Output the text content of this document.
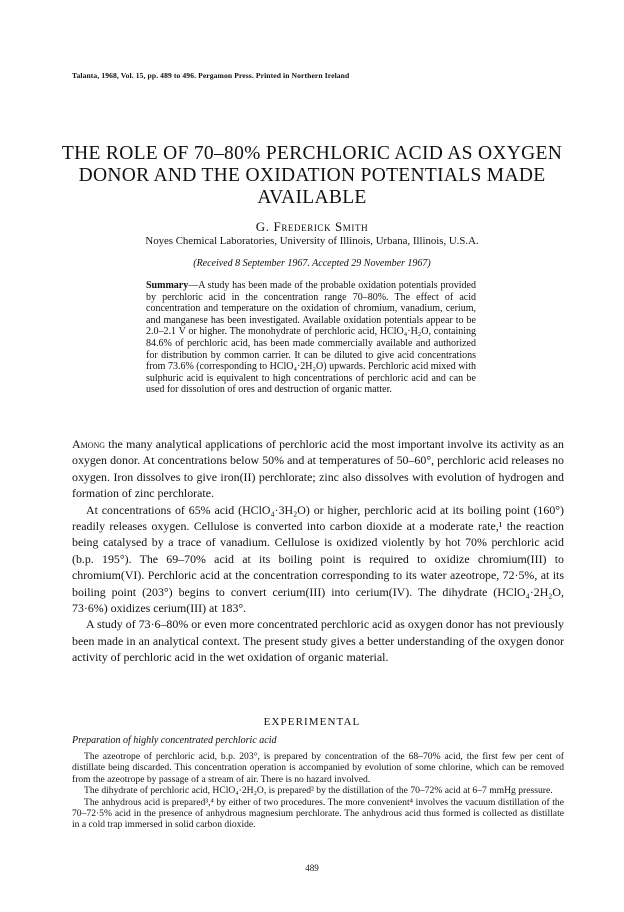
Talanta, 1968, Vol. 15, pp. 489 to 496. Pergamon Press. Printed in Northern Ireland
THE ROLE OF 70–80% PERCHLORIC ACID AS OXYGEN
DONOR AND THE OXIDATION POTENTIALS MADE
AVAILABLE
G. Frederick Smith
Noyes Chemical Laboratories, University of Illinois, Urbana, Illinois, U.S.A.
(Received 8 September 1967. Accepted 29 November 1967)
Summary—A study has been made of the probable oxidation potentials provided by perchloric acid in the concentration range 70–80%. The effect of acid concentration and temperature on the oxidation of chromium, vanadium, cerium, and manganese has been investigated. Available oxidation potentials appear to be 2.0–2.1 V or higher. The monohydrate of perchloric acid, HClO₄·H₂O, containing 84.6% of perchloric acid, has been made commercially available and authorized for distribution by common carrier. It can be diluted to give acid concentrations from 73.6% (corresponding to HClO₄·2H₂O) upwards. Perchloric acid mixed with sulphuric acid is equivalent to high concentrations of perchloric acid and can be used for dissolution of ores and destruction of organic matter.

Among the many analytical applications of perchloric acid the most important involve its activity as an oxygen donor. At concentrations below 50% and at temperatures of 50–60°, perchloric acid releases no oxygen. Iron dissolves to give iron(II) perchlorate; zinc also dissolves with evolution of hydrogen and formation of zinc perchlorate.

At concentrations of 65% acid (HClO₄·3H₂O) or higher, perchloric acid at its boiling point (160°) readily releases oxygen. Cellulose is converted into carbon dioxide at a moderate rate,¹ the reaction being catalysed by a trace of vanadium. Cellulose is oxidized violently by hot 70% perchloric acid (b.p. 195°). The 69–70% acid at its boiling point is required to oxidize chromium(III) to chromium(VI). Perchloric acid at the concentration corresponding to its water azeotrope, 72·5%, at its boiling point (203°) begins to convert cerium(III) into cerium(IV). The dihydrate (HClO₄·2H₂O, 73·6%) oxidizes cerium(III) at 183°.

A study of 73·6–80% or even more concentrated perchloric acid as oxygen donor has not previously been made in an analytical context. The present study gives a better understanding of the oxygen donor activity of perchloric acid in the wet oxidation of organic material.

EXPERIMENTAL
Preparation of highly concentrated perchloric acid

The azeotrope of perchloric acid, b.p. 203°, is prepared by concentration of the 68–70% acid, the first few per cent of distillate being discarded. This concentration operation is accompanied by evolution of some chlorine, which can be removed from the azeotrope by passage of a stream of air. There is no hazard involved.

The dihydrate of perchloric acid, HClO₄·2H₂O, is prepared² by the distillation of the 70–72% acid at 6–7 mmHg pressure.

The anhydrous acid is prepared³,⁴ by either of two procedures. The more convenient⁴ involves the vacuum distillation of the 70–72·5% acid in the presence of anhydrous magnesium perchlorate. The anhydrous acid thus formed is collected as distillate in a cold trap immersed in solid carbon dioxide.

489
